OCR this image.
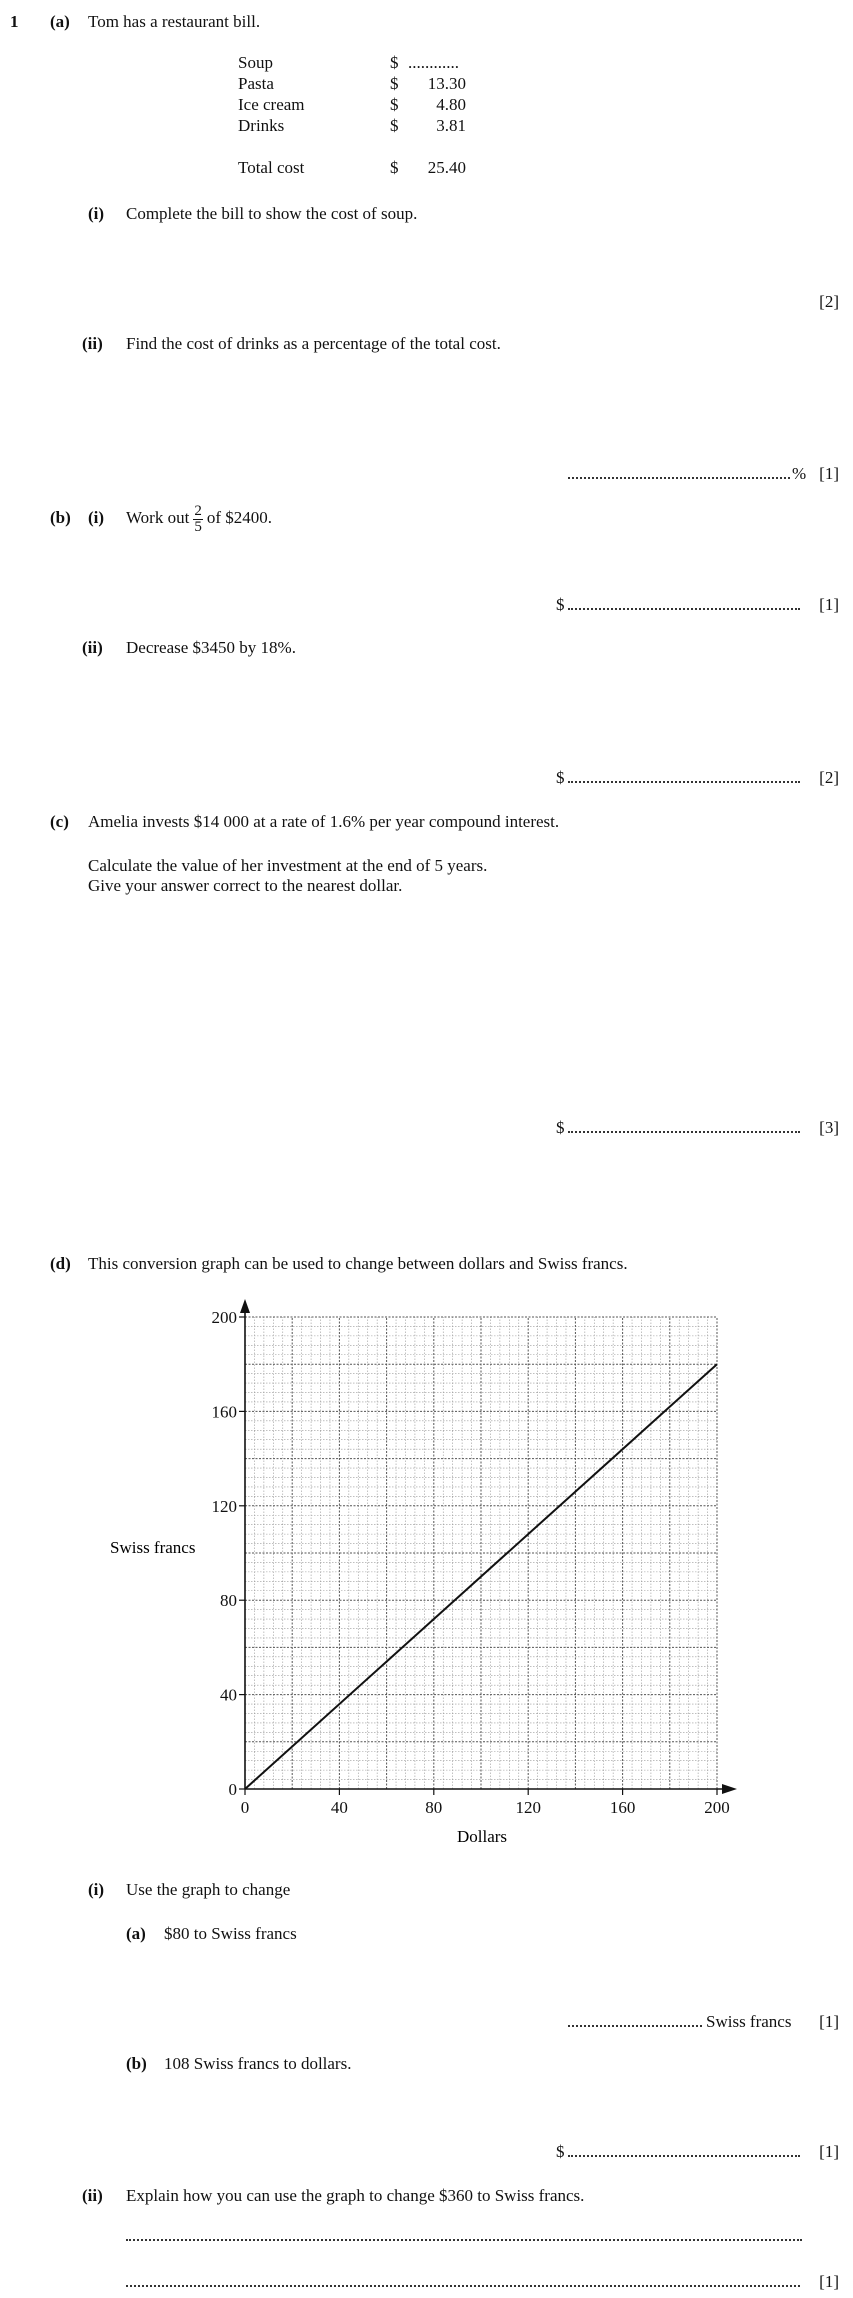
1 (a) Tom has a restaurant bill.
Soup	$	............
Pasta	$	13.30
Ice cream	$	4.80
Drinks	$	3.81

Total cost	$	25.40
(i) Complete the bill to show the cost of soup.
[2]
(ii) Find the cost of drinks as a percentage of the total cost.
% [1]
(b) (i) Work out $\frac{2}{5}$ of $2400.
$	[1]
(ii) Decrease $3450 by 18%.
$	[2]
(c) Amelia invests $14 000 at a rate of 1.6% per year compound interest.
Calculate the value of her investment at the end of 5 years.
Give your answer correct to the nearest dollar.
$	[3]
(d) This conversion graph can be used to change between dollars and Swiss francs.
0	40	80	120	160	200
0
40
80
120
160
200
Swiss francs
Dollars
(i) Use the graph to change
(a) $80 to Swiss francs
Swiss francs [1]
(b) 108 Swiss francs to dollars.
$	[1]
(ii) Explain how you can use the graph to change $360 to Swiss francs.
[1]
